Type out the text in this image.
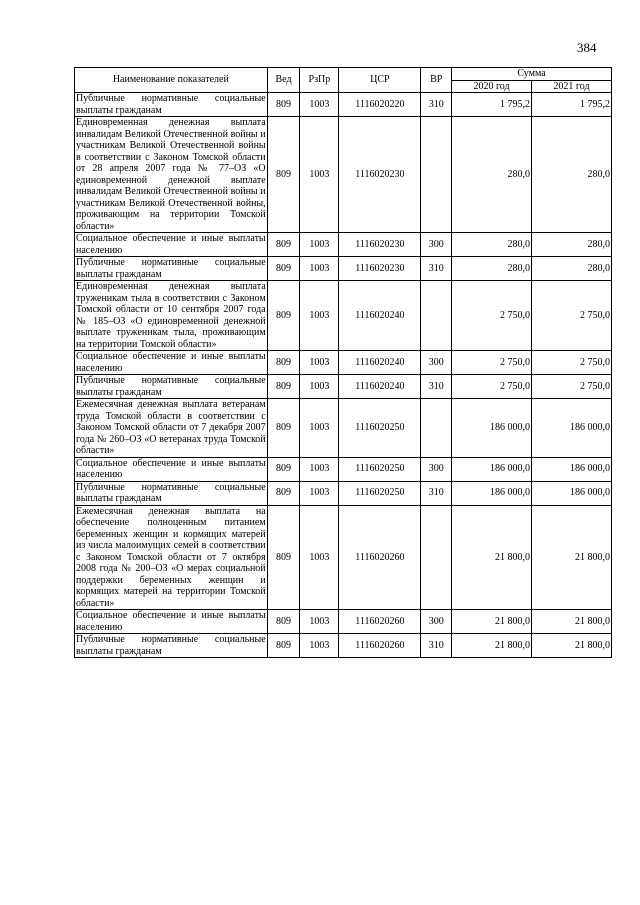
384
Наименование показателей	Вед	РзПр	ЦСР	ВР	Сумма	
					2020 год	2021 год
Публичные нормативные социальные выплаты гражданам	809	1003	1116020220	310	1 795,2	1 795,2
Единовременная денежная выплата инвалидам Великой Отечественной войны и участникам Великой Отечественной войны в соответствии с Законом Томской области от 28 апреля 2007 года № 77–ОЗ «О единовременной денежной выплате инвалидам Великой Отечественной войны и участникам Великой Отечественной войны, проживающим на территории Томской области»	809	1003	1116020230		280,0	280,0
Социальное обеспечение и иные выплаты населению	809	1003	1116020230	300	280,0	280,0
Публичные нормативные социальные выплаты гражданам	809	1003	1116020230	310	280,0	280,0
Единовременная денежная выплата труженикам тыла в соответствии с Законом Томской области от 10 сентября 2007 года № 185–ОЗ «О единовременной денежной выплате труженикам тыла, проживающим на территории Томской области»	809	1003	1116020240		2 750,0	2 750,0
Социальное обеспечение и иные выплаты населению	809	1003	1116020240	300	2 750,0	2 750,0
Публичные нормативные социальные выплаты гражданам	809	1003	1116020240	310	2 750,0	2 750,0
Ежемесячная денежная выплата ветеранам труда Томской области в соответствии с Законом Томской области от 7 декабря 2007 года № 260–ОЗ «О ветеранах труда Томской области»	809	1003	1116020250		186 000,0	186 000,0
Социальное обеспечение и иные выплаты населению	809	1003	1116020250	300	186 000,0	186 000,0
Публичные нормативные социальные выплаты гражданам	809	1003	1116020250	310	186 000,0	186 000,0
Ежемесячная денежная выплата на обеспечение полноценным питанием беременных женщин и кормящих матерей из числа малоимущих семей в соответствии с Законом Томской области от 7 октября 2008 года № 200–ОЗ «О мерах социальной поддержки беременных женщин и кормящих матерей на территории Томской области»	809	1003	1116020260		21 800,0	21 800,0
Социальное обеспечение и иные выплаты населению	809	1003	1116020260	300	21 800,0	21 800,0
Публичные нормативные социальные выплаты гражданам	809	1003	1116020260	310	21 800,0	21 800,0
